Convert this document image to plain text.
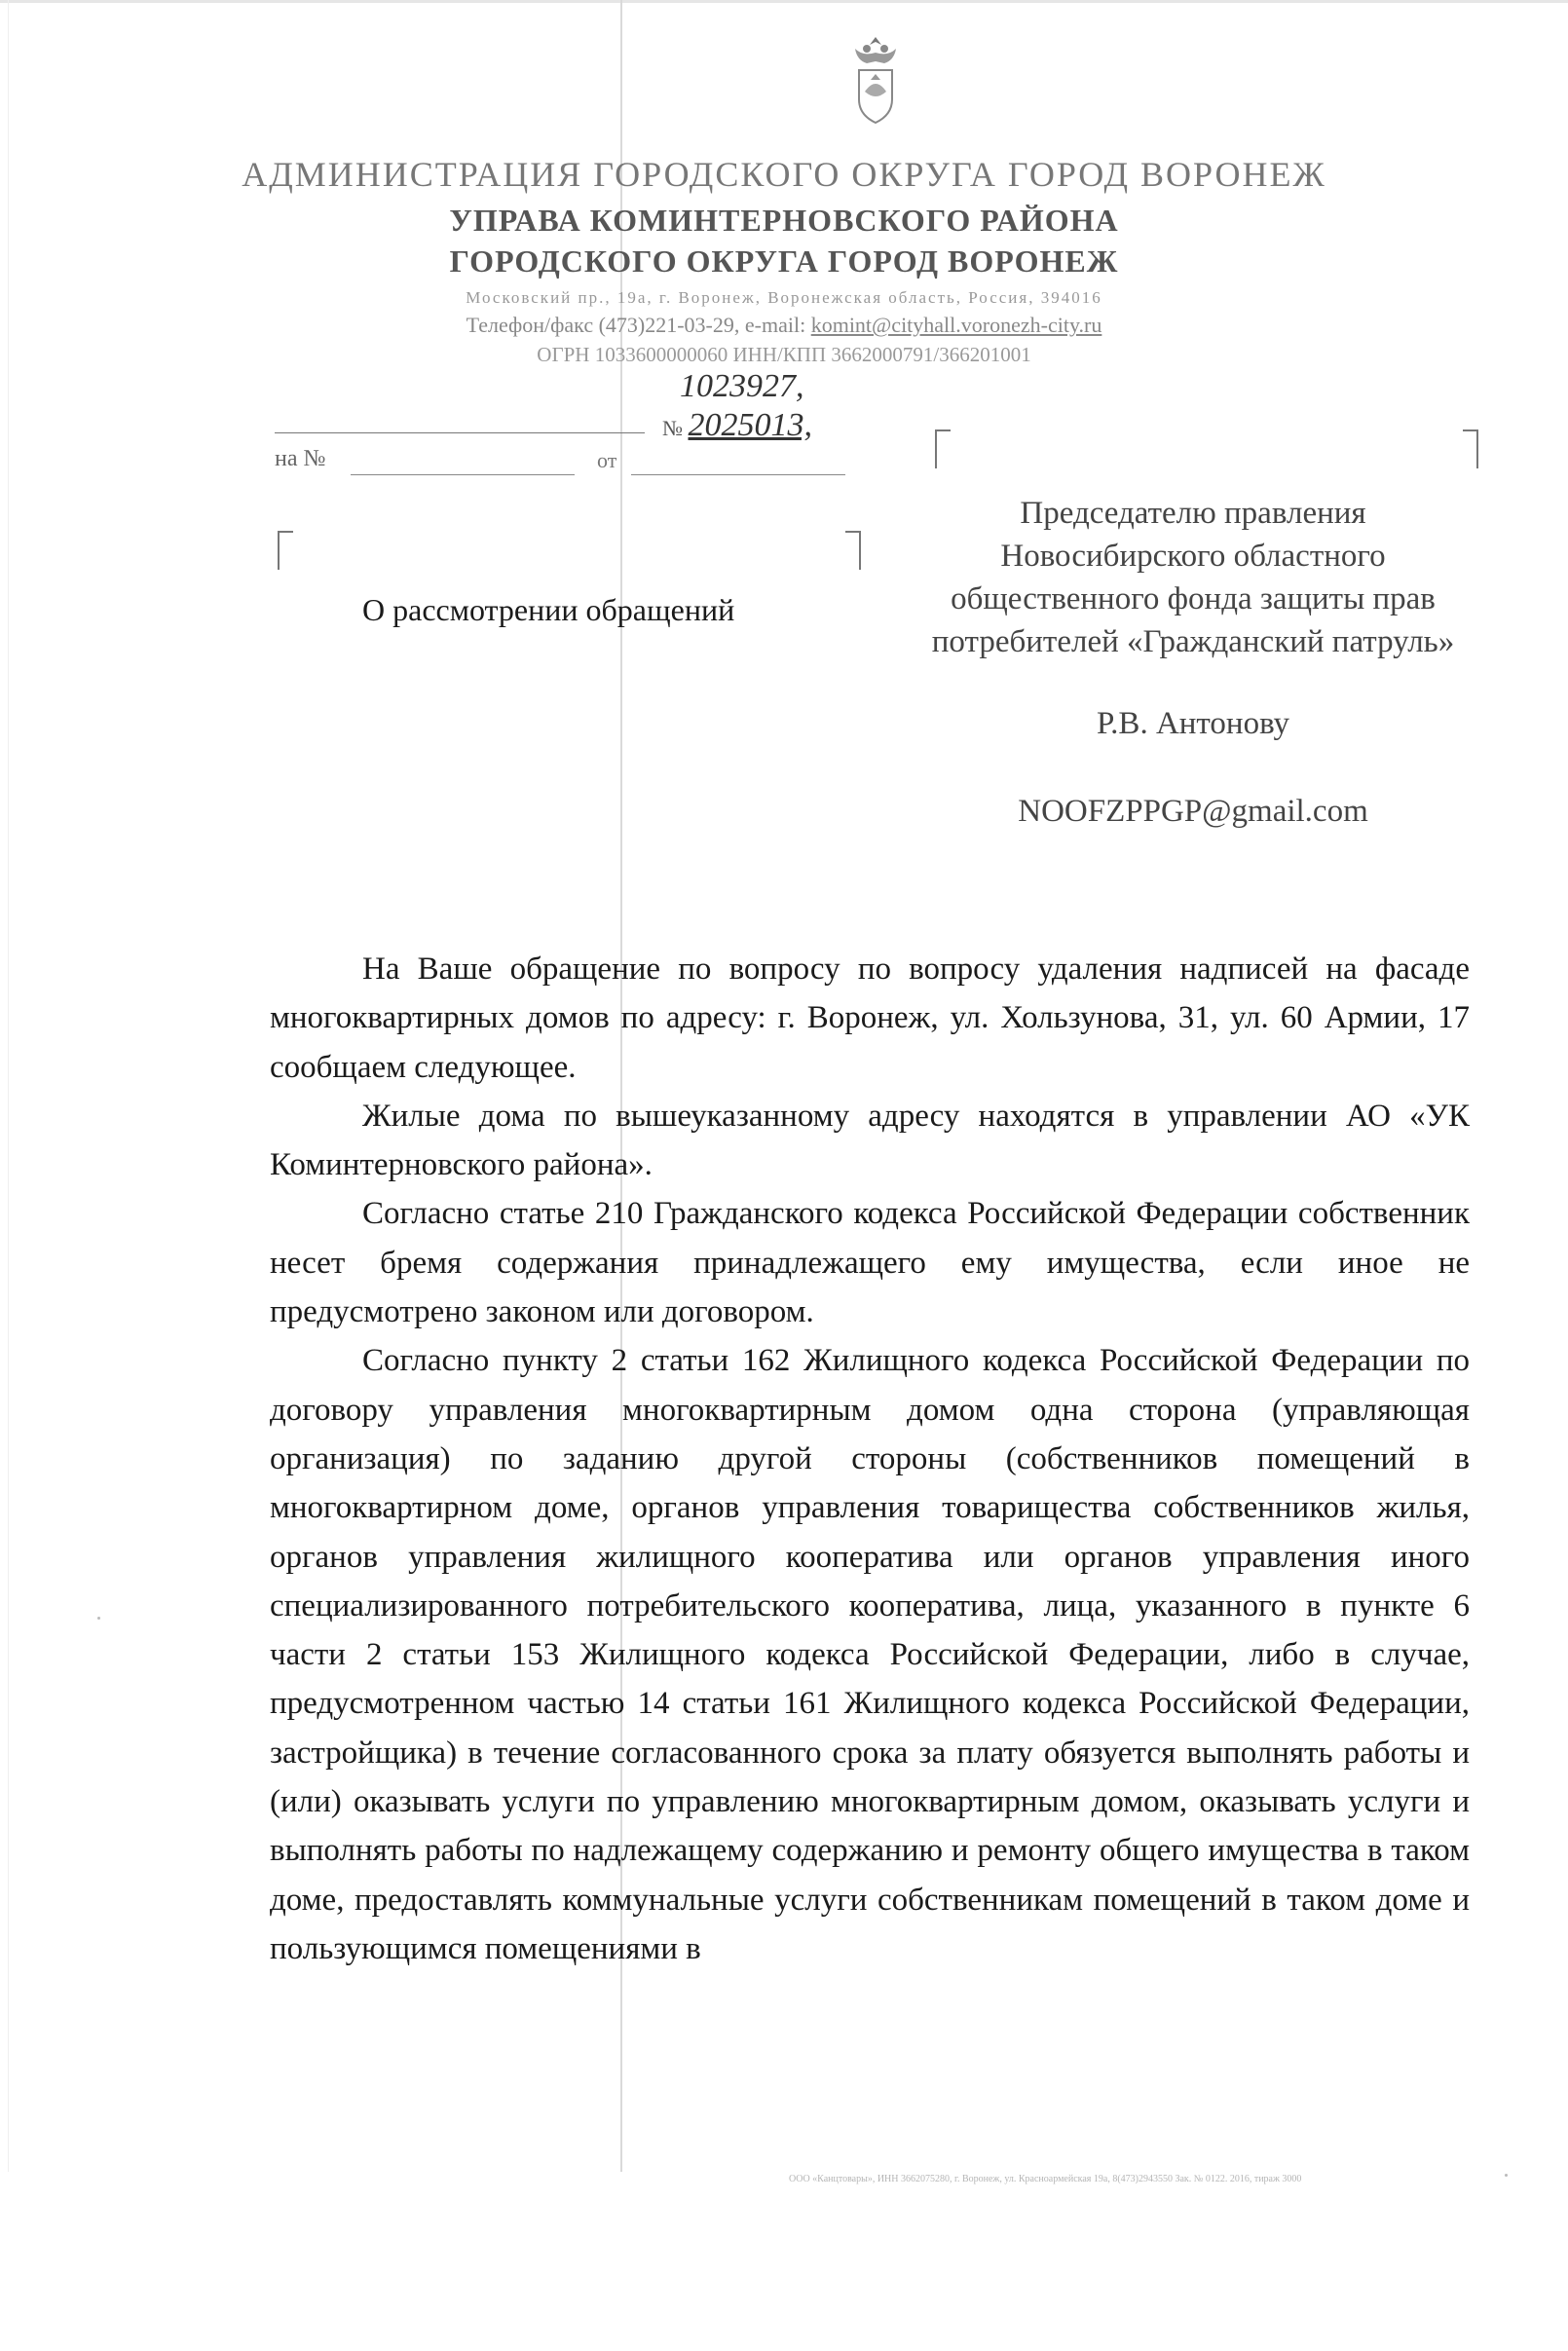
АДМИНИСТРАЦИЯ ГОРОДСКОГО ОКРУГА ГОРОД ВОРОНЕЖ
УПРАВА КОМИНТЕРНОВСКОГО РАЙОНА
ГОРОДСКОГО ОКРУГА ГОРОД ВОРОНЕЖ
Московский пр., 19а, г. Воронеж, Воронежская область, Россия, 394016
Телефон/факс (473)221-03-29, e-mail: komint@cityhall.voronezh-city.ru
ОГРН 1033600000060 ИНН/КПП 3662000791/366201001
1023927,
№ 2025013,
на №	от
О рассмотрении обращений
Председателю правления
Новосибирского областного
общественного фонда защиты прав
потребителей «Гражданский патруль»
Р.В. Антонову
NOOFZPPGP@gmail.com

На Ваше обращение по вопросу по вопросу удаления надписей на фасаде многоквартирных домов по адресу: г. Воронеж, ул. Хользунова, 31, ул. 60 Армии, 17 сообщаем следующее.

Жилые дома по вышеуказанному адресу находятся в управлении АО «УК Коминтерновского района».

Согласно статье 210 Гражданского кодекса Российской Федерации собственник несет бремя содержания принадлежащего ему имущества, если иное не предусмотрено законом или договором.

Согласно пункту 2 статьи 162 Жилищного кодекса Российской Федерации по договору управления многоквартирным домом одна сторона (управляющая организация) по заданию другой стороны (собственников помещений в многоквартирном доме, органов управления товарищества собственников жилья, органов управления жилищного кооператива или органов управления иного специализированного потребительского кооператива, лица, указанного в пункте 6 части 2 статьи 153 Жилищного кодекса Российской Федерации, либо в случае, предусмотренном частью 14 статьи 161 Жилищного кодекса Российской Федерации, застройщика) в течение согласованного срока за плату обязуется выполнять работы и (или) оказывать услуги по управлению многоквартирным домом, оказывать услуги и выполнять работы по надлежащему содержанию и ремонту общего имущества в таком доме, предоставлять коммунальные услуги собственникам помещений в таком доме и пользующимся помещениями в

ООО «Канцтовары», ИНН 3662075280, г. Воронеж, ул. Красноармейская 19а, 8(473)2943550 Зак. № 0122. 2016, тираж 3000
